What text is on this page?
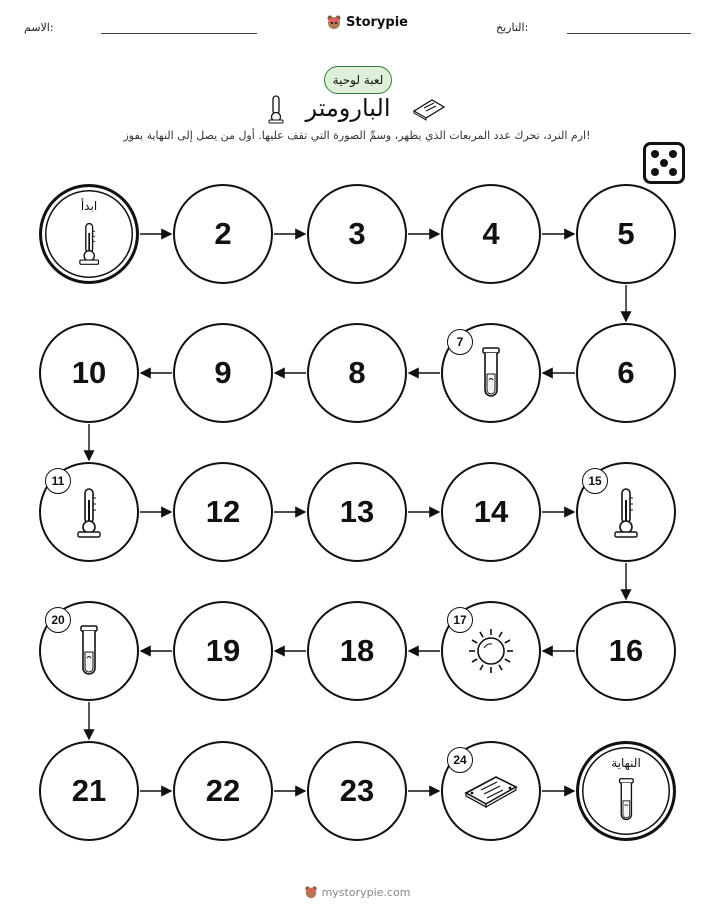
الاسم:	Storypie	التاريخ:
لعبة لوحية
البارومتر
ارم النرد، تحرك عدد المربعات الذي يظهر، وسمِّ الصورة التي تقف عليها. أول من يصل إلى النهاية يفوز!
ابدأ
2	3	4	5
6
7
8
9
10
11
12	13	14
15
16
17
18
19
20
21	22	23
24	النهاية
mystorypie.com
